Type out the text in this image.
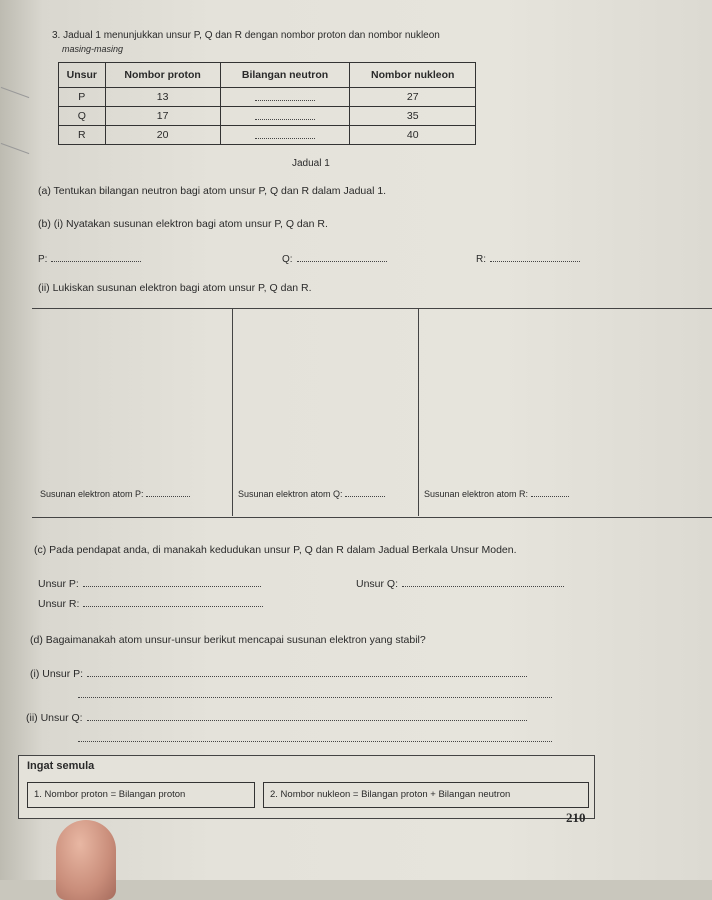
3. Jadual 1 menunjukkan unsur P, Q dan R dengan nombor proton dan nombor nukleon
masing-masing
Unsur	Nombor proton	Bilangan neutron	Nombor nukleon
P	13		27
Q	17		35
R	20		40
Jadual 1
(a) Tentukan bilangan neutron bagi atom unsur P, Q dan R dalam Jadual 1.
(b) (i) Nyatakan susunan elektron bagi atom unsur P, Q dan R.
P:	Q:	R:
(ii) Lukiskan susunan elektron bagi atom unsur P, Q dan R.
Susunan elektron atom P:	Susunan elektron atom Q:	Susunan elektron atom R:
(c) Pada pendapat anda, di manakah kedudukan unsur P, Q dan R dalam Jadual Berkala Unsur Moden.
Unsur P:	Unsur Q:
Unsur R:
(d) Bagaimanakah atom unsur-unsur berikut mencapai susunan elektron yang stabil?
(i) Unsur P:
(ii) Unsur Q:
Ingat semula
1. Nombor proton = Bilangan proton	2. Nombor nukleon = Bilangan proton + Bilangan neutron
210
